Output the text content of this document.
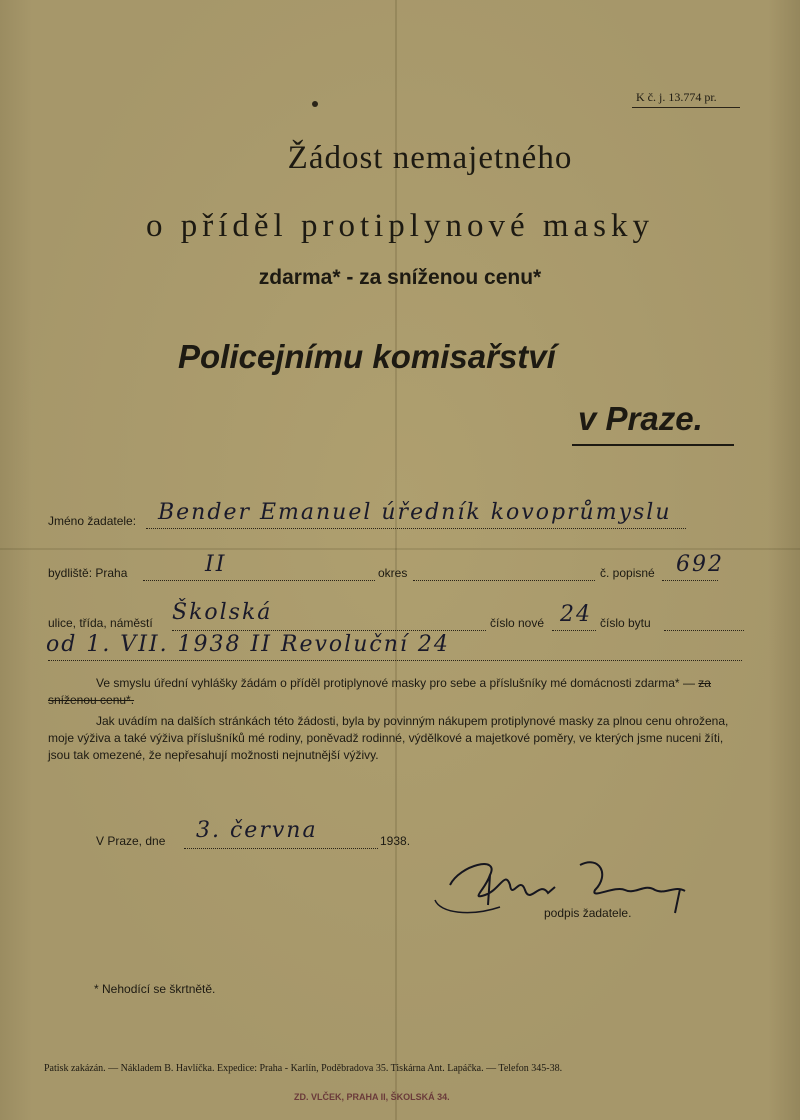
K č. j. 13.774 pr.
Žádost nemajetného
o příděl protiplynové masky
zdarma* - za sníženou cenu*
Policejnímu komisařství
v Praze.
Jméno žadatele: Bender Emanuel úředník kovoprůmyslu
bydliště: Praha	II	okres	č. popisné 692
ulice, třída, náměstí Školská	číslo nové 24 číslo bytu
od 1. VII. 1938 II Revoluční 24
Ve smyslu úřední vyhlášky žádám o příděl protiplynové masky pro sebe a příslušníky mé domácnosti zdarma* — za sníženou cenu*.
Jak uvádím na dalších stránkách této žádosti, byla by povinným nákupem protiplynové masky za plnou cenu ohrožena, moje výživa a také výživa příslušníků mé rodiny, poněvadž rodinné, výdělkové a majetkové poměry, ve kterých jsme nuceni žíti, jsou tak omezené, že nepřesahují možnosti nejnutnější výživy.
V Praze, dne 3. června	1938.
podpis žadatele.
* Nehodící se škrtnětě.
Patisk zakázán. — Nákladem B. Havlíčka. Expedice: Praha - Karlín, Poděbradova 35. Tiskárna Ant. Lapáčka. — Telefon 345-38.
ZD. VLČEK, PRAHA II, ŠKOLSKÁ 34.
